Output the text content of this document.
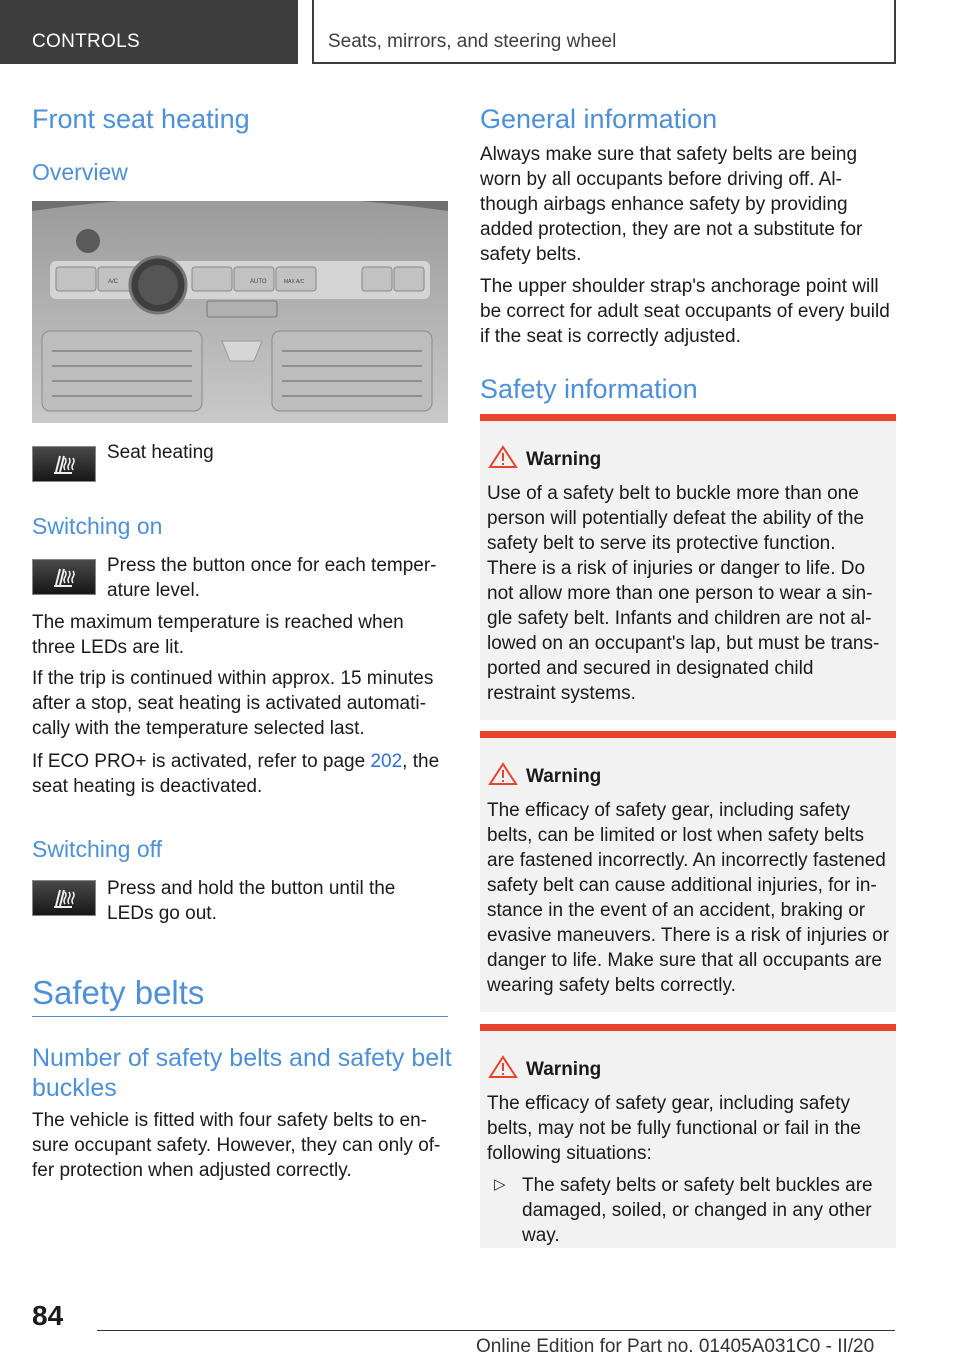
CONTROLS	Seats, mirrors, and steering wheel
Front seat heating
Overview
AUTO	MAX A/C
A/C

Seat heating

Switching on

Press the button once for each temper‐ature level.

The maximum temperature is reached when three LEDs are lit.

If the trip is continued within approx. 15 minutes after a stop, seat heating is activated automati‐cally with the temperature selected last.

If ECO PRO+ is activated, refer to page 202, the seat heating is deactivated.

Switching off

Press and hold the button until the LEDs go out.

Safety belts
Number of safety belts and safety belt buckles

The vehicle is fitted with four safety belts to en‐sure occupant safety. However, they can only of‐fer protection when adjusted correctly.

General information

Always make sure that safety belts are being worn by all occupants before driving off. Al‐though airbags enhance safety by providing added protection, they are not a substitute for safety belts.

The upper shoulder strap's anchorage point will be correct for adult seat occupants of every build if the seat is correctly adjusted.

Safety information
Warning

Use of a safety belt to buckle more than one person will potentially defeat the ability of the safety belt to serve its protective function. There is a risk of injuries or danger to life. Do not allow more than one person to wear a sin‐gle safety belt. Infants and children are not al‐lowed on an occupant's lap, but must be trans‐ported and secured in designated child restraint systems.

Warning

The efficacy of safety gear, including safety belts, can be limited or lost when safety belts are fastened incorrectly. An incorrectly fastened safety belt can cause additional injuries, for in‐stance in the event of an accident, braking or evasive maneuvers. There is a risk of injuries or danger to life. Make sure that all occupants are wearing safety belts correctly.

Warning

The efficacy of safety gear, including safety belts, may not be fully functional or fail in the following situations:

▷ The safety belts or safety belt buckles are damaged, soiled, or changed in any other way.

84
Online Edition for Part no. 01405A031C0 - II/20
